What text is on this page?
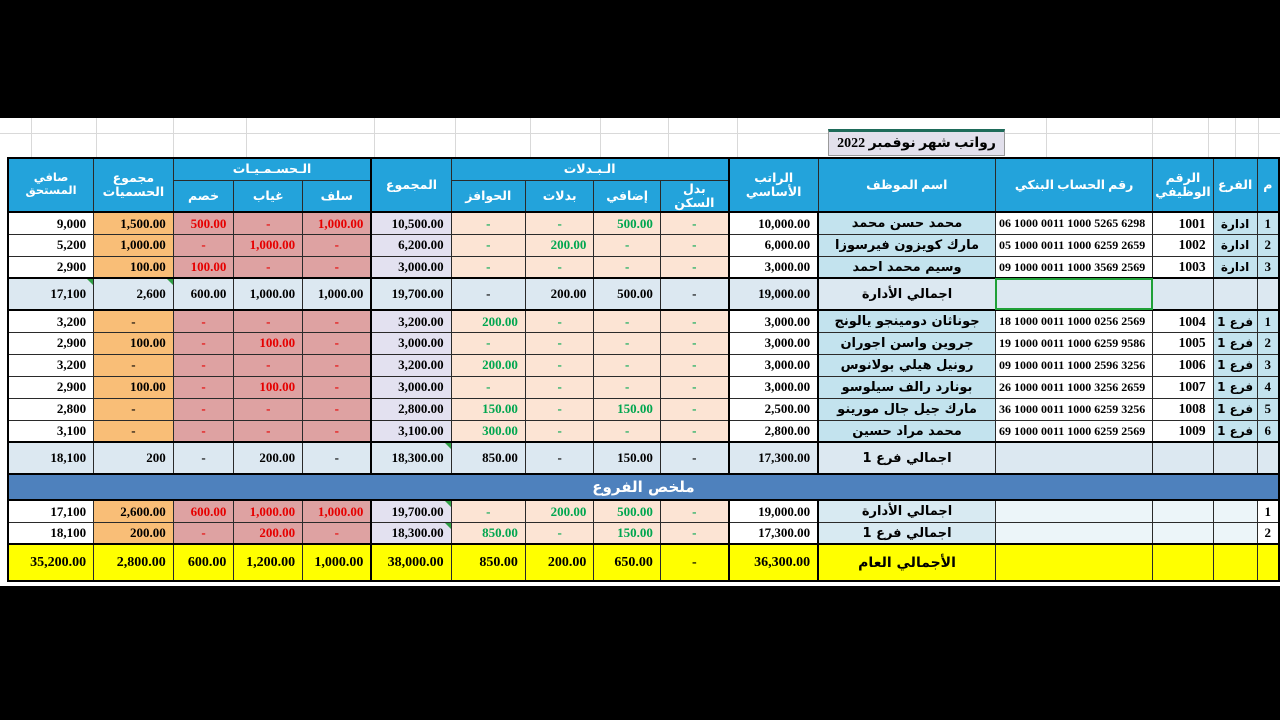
رواتب شهر نوفمبر 2022
م	الفرع	الرقم الوظيفي	رقم الحساب البنكي	اسم الموظف	الراتب الأساسي	الـبـدلات				المجموع	الـحسـمـيـات			مجموع الحسميات	صافي المستحق
						بدل السكن	إضافي	بدلات	الحوافز		سلف	غياب	خصم		
1	ادارة	1001	06 1000 0011 1000 5265 6298	محمد حسن محمد	10,000.00	-	500.00	-	-	10,500.00	1,000.00	-	500.00	1,500.00	9,000
2	ادارة	1002	05 1000 0011 1000 6259 2659	مارك كويزون فيرسوزا	6,000.00	-	-	200.00	-	6,200.00	-	1,000.00	-	1,000.00	5,200
3	ادارة	1003	09 1000 0011 1000 3569 2569	وسيم محمد احمد	3,000.00	-	-	-	-	3,000.00	-	-	100.00	100.00	2,900
				اجمالي الأدارة	19,000.00	-	500.00	200.00	-	19,700.00	1,000.00	1,000.00	600.00	2,600	17,100
1	فرع 1	1004	18 1000 0011 1000 0256 2569	جوناثان دومينجو يالونج	3,000.00	-	-	-	200.00	3,200.00	-	-	-	-	3,200
2	فرع 1	1005	19 1000 0011 1000 6259 9586	جروين واسن اجوران	3,000.00	-	-	-	-	3,000.00	-	100.00	-	100.00	2,900
3	فرع 1	1006	09 1000 0011 1000 2596 3256	رونيل هيلي بولانوس	3,000.00	-	-	-	200.00	3,200.00	-	-	-	-	3,200
4	فرع 1	1007	26 1000 0011 1000 3256 2659	بونارد رالف سيلوسو	3,000.00	-	-	-	-	3,000.00	-	100.00	-	100.00	2,900
5	فرع 1	1008	36 1000 0011 1000 6259 3256	مارك جيل جال مورينو	2,500.00	-	150.00	-	150.00	2,800.00	-	-	-	-	2,800
6	فرع 1	1009	69 1000 0011 1000 6259 2569	محمد مراد حسين	2,800.00	-	-	-	300.00	3,100.00	-	-	-	-	3,100
				اجمالي فرع 1	17,300.00	-	150.00	-	850.00	18,300.00	-	200.00	-	200	18,100
ملخص الفروع															
1				اجمالي الأدارة	19,000.00	-	500.00	200.00	-	19,700.00	1,000.00	1,000.00	600.00	2,600.00	17,100
2				اجمالي فرع 1	17,300.00	-	150.00	-	850.00	18,300.00	-	200.00	-	200.00	18,100
				الأجمالي العام	36,300.00	-	650.00	200.00	850.00	38,000.00	1,000.00	1,200.00	600.00	2,800.00	35,200.00
